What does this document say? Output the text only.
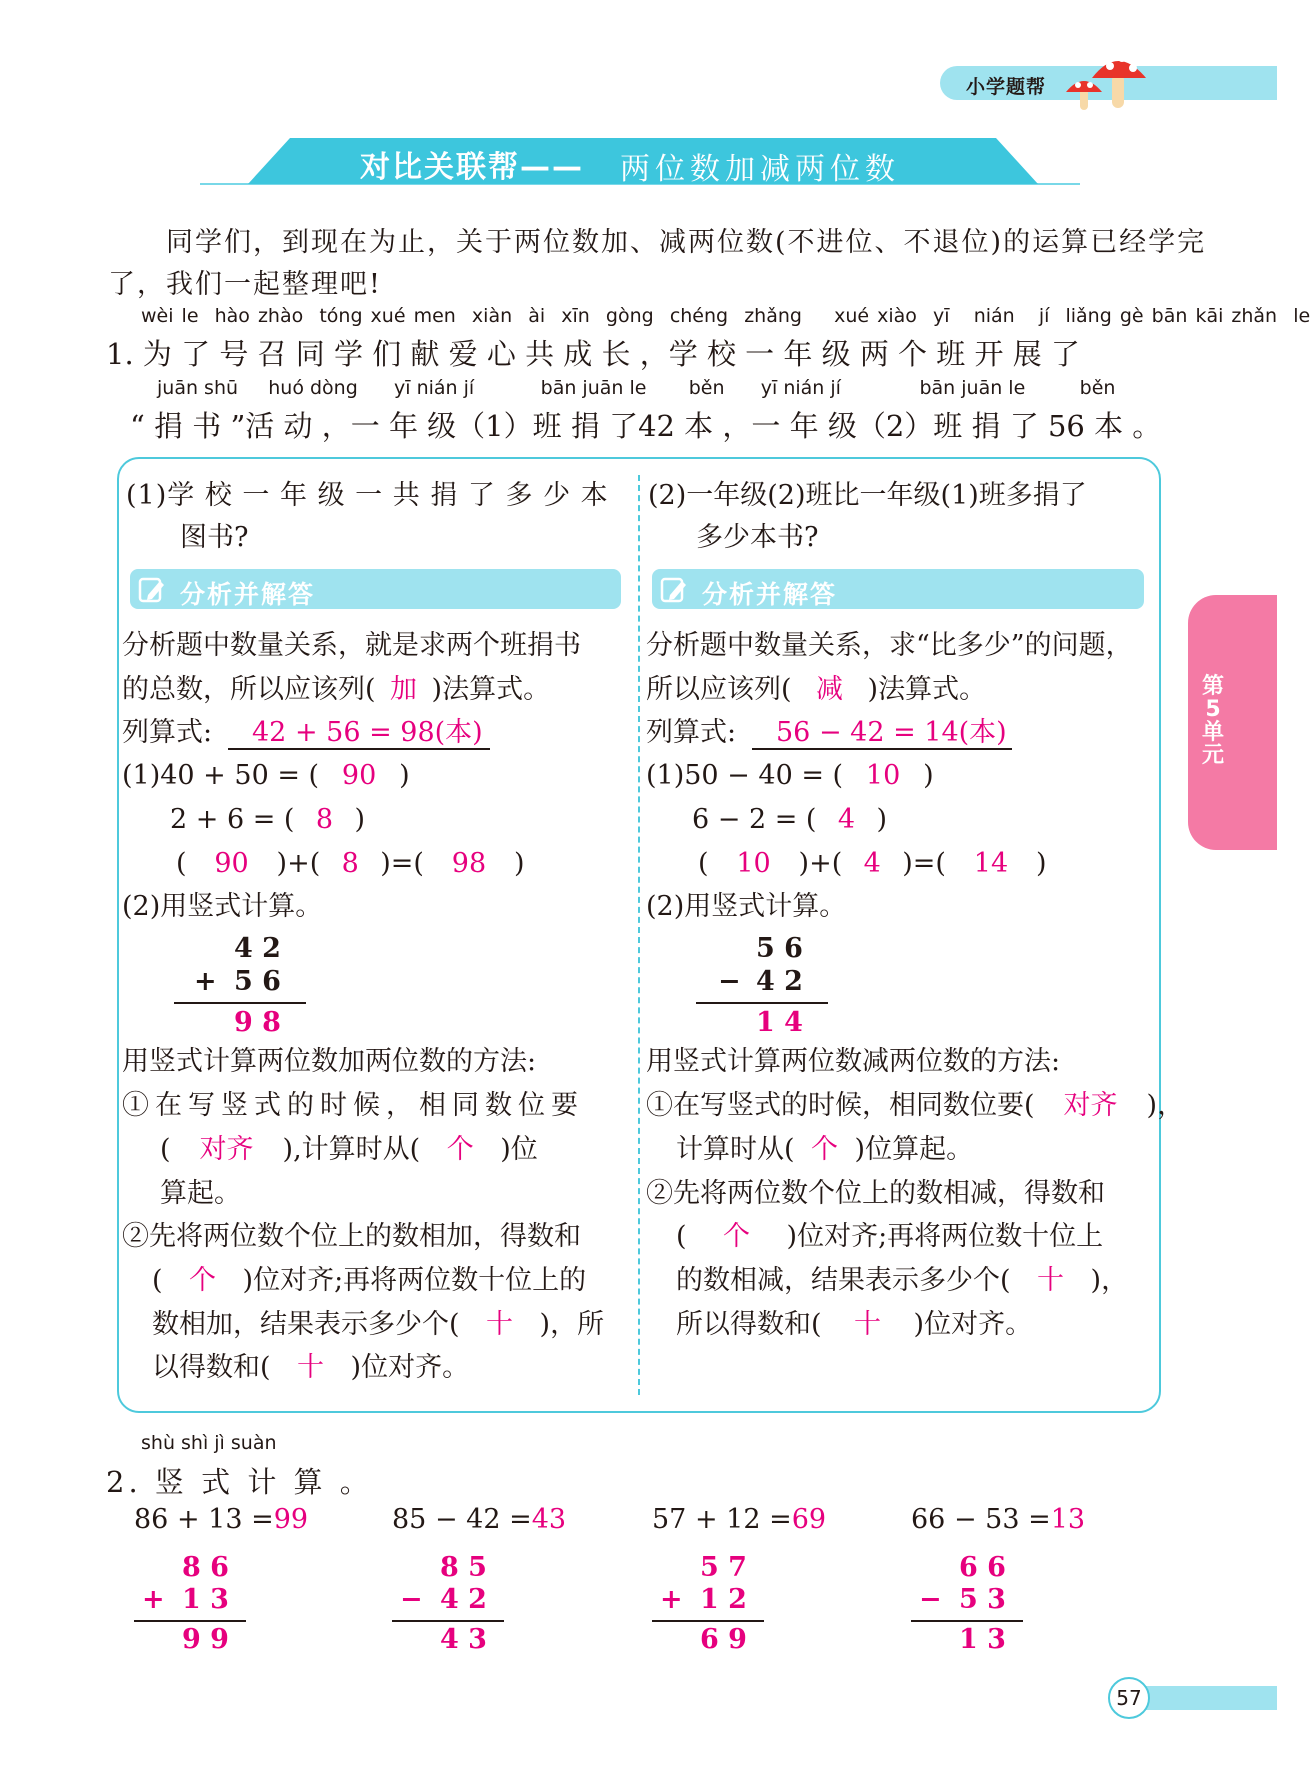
小学题帮
对比关联帮—— 两位数加减两位数
同学们，到现在为止，关于两位数加、减两位数(不进位、不退位)的运算已经学完
了，我们一起整理吧!
wèi le hào zhào tóng xué men xiàn ài xīn gòng chéng zhǎng xué xiào yī nián jí liǎng gè bān kāi zhǎn le
1. 为 了 号 召 同 学 们 献 爱 心 共 成 长 ，学 校 一 年 级 两 个 班 开 展 了
juān shū huó dòng yī nián jí	bān juān le běn yī nián jí	bān juān le	běn
“ 捐 书 ”活 动 ，一 年 级（1）班 捐 了42 本 ，一 年 级（2）班 捐 了 56 本 。
(1)学 校 一 年 级 一 共 捐 了 多 少 本
图书?
分析并解答
分析题中数量关系，就是求两个班捐书
的总数，所以应该列( 加 )法算式。
列算式: 42 + 56 = 98(本)
(1)40 + 50 = ( 90 )
2 + 6 = ( 8 )
( 90 )+( 8 )=( 98 )
(2)用竖式计算。
4 2
+ 5 6
9 8
用竖式计算两位数加两位数的方法:
①在写竖式的时候，相同数位要
( 对齐 ),计算时从( 个 )位
算起。
②先将两位数个位上的数相加，得数和
( 个 )位对齐;再将两位数十位上的
数相加，结果表示多少个( 十 )，所
以得数和( 十 )位对齐。
(2)一年级(2)班比一年级(1)班多捐了
多少本书?
分析并解答
分析题中数量关系，求“比多少”的问题，
所以应该列( 减 )法算式。
列算式: 56 − 42 = 14(本)
(1)50 − 40 = ( 10 )
6 − 2 = ( 4 )
( 10 )+( 4 )=( 14 )
(2)用竖式计算。
5 6
− 4 2
1 4
用竖式计算两位数减两位数的方法:
①在写竖式的时候，相同数位要( 对齐 )，
计算时从( 个 )位算起。
②先将两位数个位上的数相减，得数和
( 个 )位对齐;再将两位数十位上
的数相减，结果表示多少个( 十 )，
所以得数和( 十 )位对齐。
第5单元
shù shì jì suàn
2. 竖 式 计 算 。
86 + 13 =99
8 6
+ 1 3
9 9
85 − 42 =43
8 5
− 4 2
4 3
57 + 12 =69
5 7
+ 1 2
6 9
66 − 53 =13
6 6
− 5 3
1 3
57
